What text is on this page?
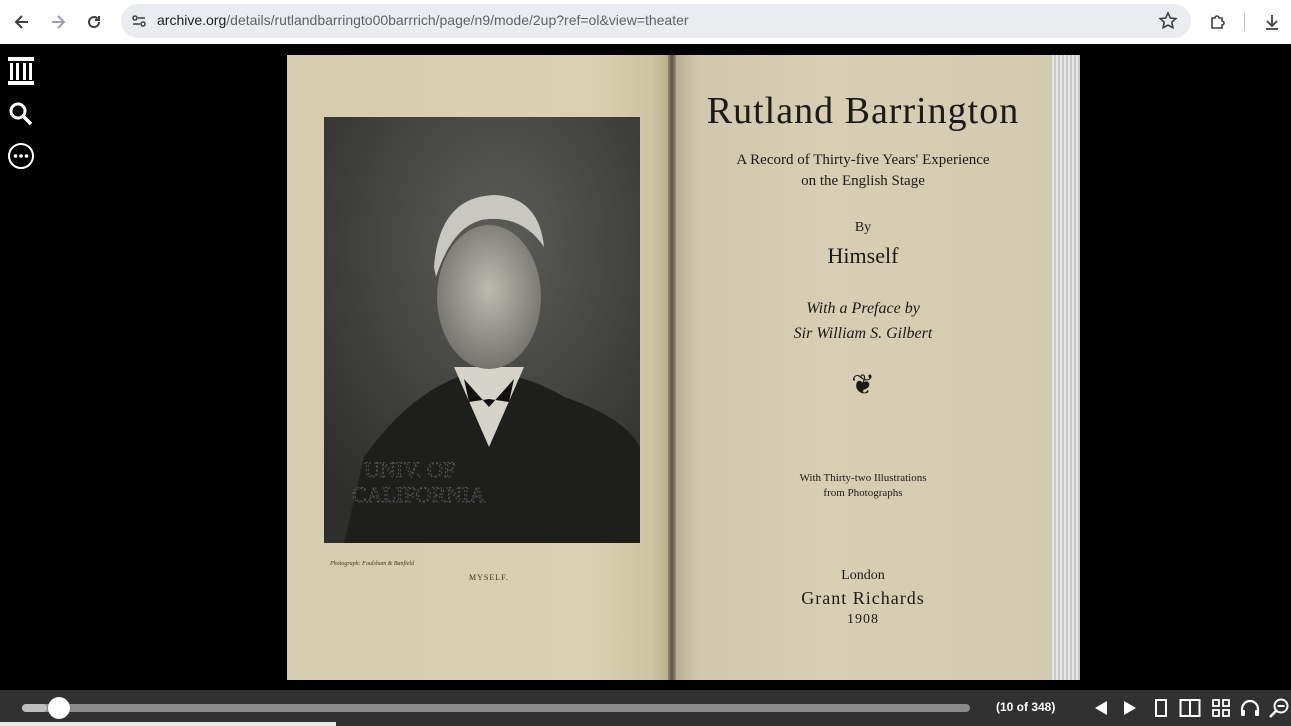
archive.org/details/rutlandbarringto00barrrich/page/n9/mode/2up?ref=ol&view=theater
UNIV. OF
CALIFORNIA
Photograph: Foulsham & Banfield
MYSELF.
Rutland Barrington
A Record of Thirty-five Years' Experience
on the English Stage
By
Himself
With a Preface by
Sir William S. Gilbert
❦
With Thirty-two Illustrations
from Photographs
London
Grant Richards
1908
(10 of 348)
